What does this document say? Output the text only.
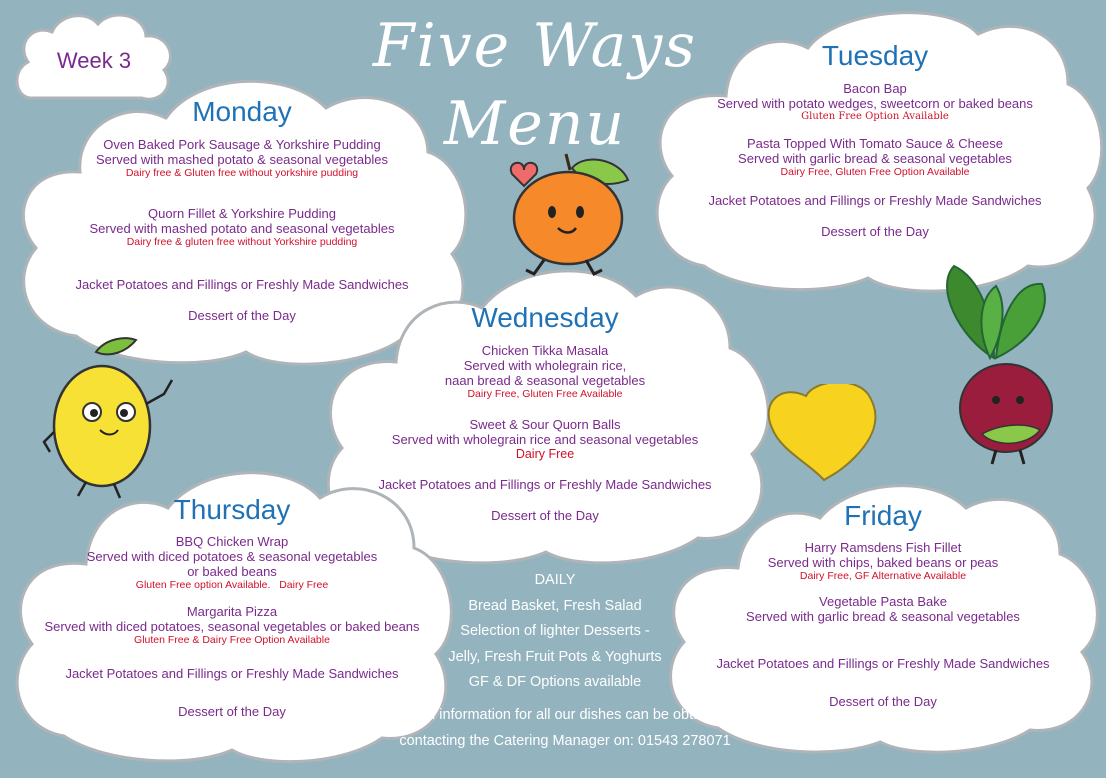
Five Ways
Menu
Week 3
Monday
Oven Baked Pork Sausage & Yorkshire Pudding
Served with mashed potato & seasonal vegetables
Dairy free & Gluten free without yorkshire pudding
Quorn Fillet & Yorkshire Pudding
Served with mashed potato and seasonal vegetables
Dairy free & gluten free without Yorkshire pudding
Jacket Potatoes and Fillings or Freshly Made Sandwiches
Dessert of the Day
Tuesday
Bacon Bap
Served with potato wedges, sweetcorn or baked beans
Gluten Free Option Available
Pasta Topped With Tomato Sauce & Cheese
Served with garlic bread & seasonal vegetables
Dairy Free, Gluten Free Option Available
Jacket Potatoes and Fillings or Freshly Made Sandwiches
Dessert of the Day
Wednesday
Chicken Tikka Masala
Served with wholegrain rice,
naan bread & seasonal vegetables
Dairy Free, Gluten Free Available
Sweet & Sour Quorn Balls
Served with wholegrain rice and seasonal vegetables
Dairy Free
Jacket Potatoes and Fillings or Freshly Made Sandwiches
Dessert of the Day
Thursday
BBQ Chicken Wrap
Served with diced potatoes & seasonal vegetables
or baked beans
Gluten Free option Available.   Dairy Free
Margarita Pizza
Served with diced potatoes, seasonal vegetables or baked beans
Gluten Free & Dairy Free Option Available
Jacket Potatoes and Fillings or Freshly Made Sandwiches
Dessert of the Day
Friday
Harry Ramsdens Fish Fillet
Served with chips, baked beans or peas
Dairy Free, GF Alternative Available
Vegetable Pasta Bake
Served with garlic bread & seasonal vegetables
Jacket Potatoes and Fillings or Freshly Made Sandwiches
Dessert of the Day
DAILY
Bread Basket, Fresh Salad
Selection of lighter Desserts -
Jelly, Fresh Fruit Pots & Yoghurts
GF & DF Options available
Allergen information for all our dishes can be obtained by
contacting the Catering Manager on: 01543 278071
